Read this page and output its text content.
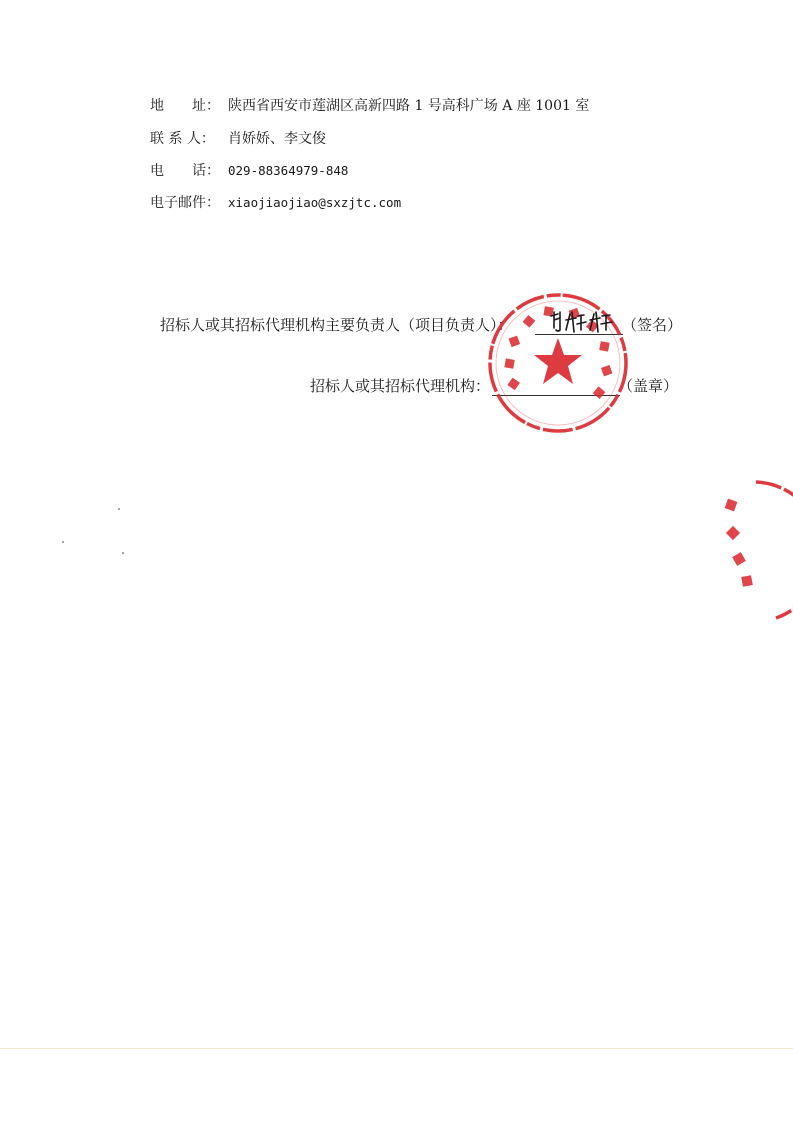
地　　址： 陕西省西安市莲湖区高新四路 1 号高科广场 A 座 1001 室
联 系 人： 肖娇娇、李文俊
电　　话： 029-88364979-848
电子邮件： xiaojiaojiao@sxzjtc.com
招标人或其招标代理机构主要负责人（项目负责人）：	（签名）
招标人或其招标代理机构：	（盖章）
